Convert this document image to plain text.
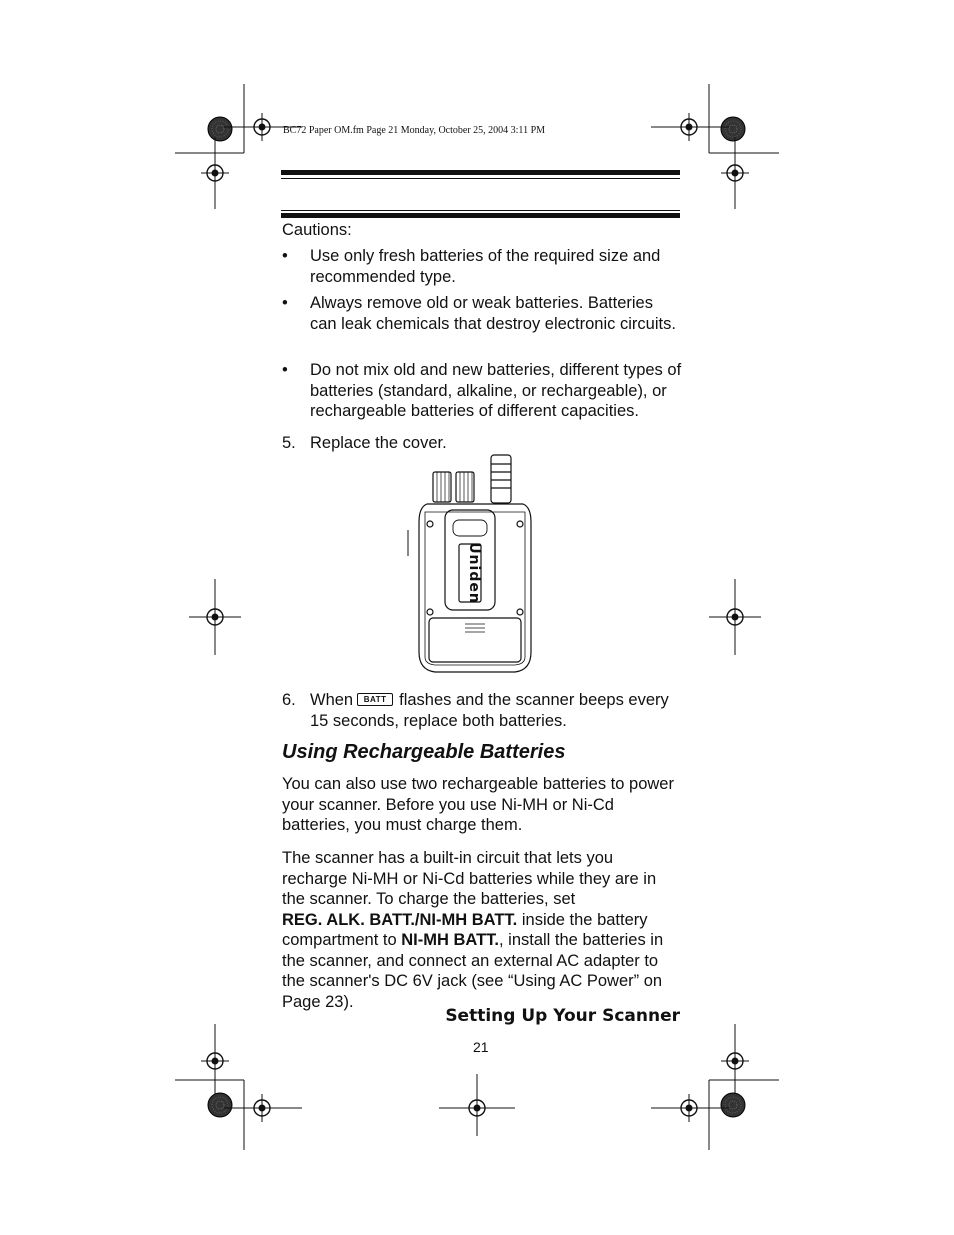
BC72 Paper OM.fm Page 21 Monday, October 25, 2004 3:11 PM
Cautions:
• Use only fresh batteries of the required size and recommended type.
• Always remove old or weak batteries. Batteries can leak chemicals that destroy electronic circuits.
• Do not mix old and new batteries, different types of batteries (standard, alkaline, or rechargeable), or rechargeable batteries of different capacities.
5. Replace the cover.
Uniden
6. When BATT flashes and the scanner beeps every 15 seconds, replace both batteries.
Using Rechargeable Batteries
You can also use two rechargeable batteries to power your scanner. Before you use Ni-MH or Ni-Cd batteries, you must charge them.
The scanner has a built-in circuit that lets you recharge Ni-MH or Ni-Cd batteries while they are in the scanner. To charge the batteries, set
REG. ALK. BATT./NI-MH BATT. inside the battery compartment to NI-MH BATT., install the batteries in the scanner, and connect an external AC adapter to the scanner's DC 6V jack (see “Using AC Power” on Page 23).
Setting Up Your Scanner
21
